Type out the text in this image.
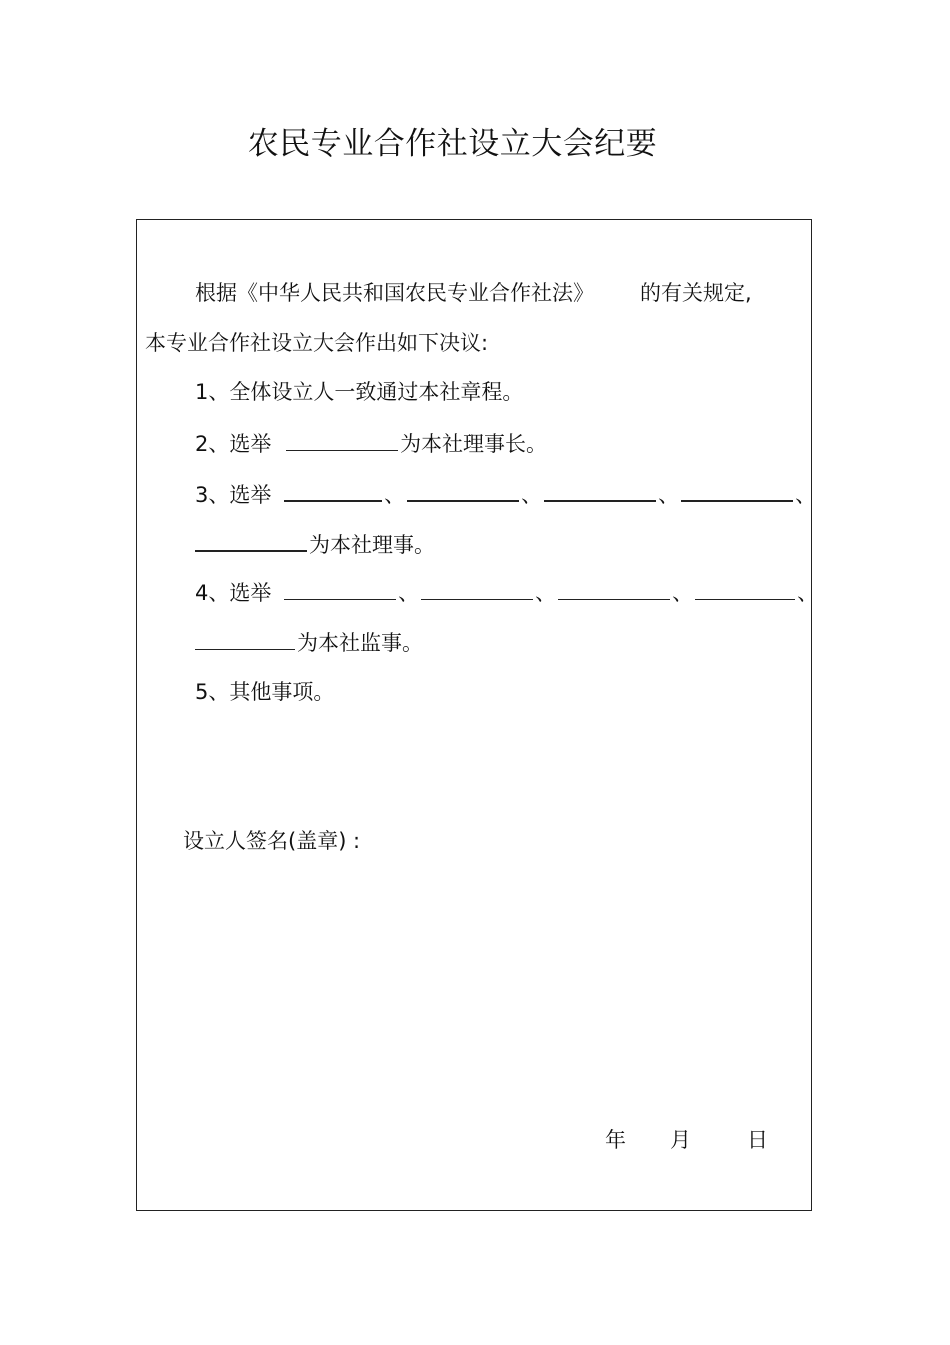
农民专业合作社设立大会纪要
根据《中华人民共和国农民专业合作社法》 的有关规定,
本专业合作社设立大会作出如下决议:
1、全体设立人一致通过本社章程。
2、选举	为本社理事长。
3、选举	、	、	、	、
为本社理事。
4、选举	、	、	、	、
为本社监事。
5、其他事项。
设立人签名(盖章) :
年 月	日
